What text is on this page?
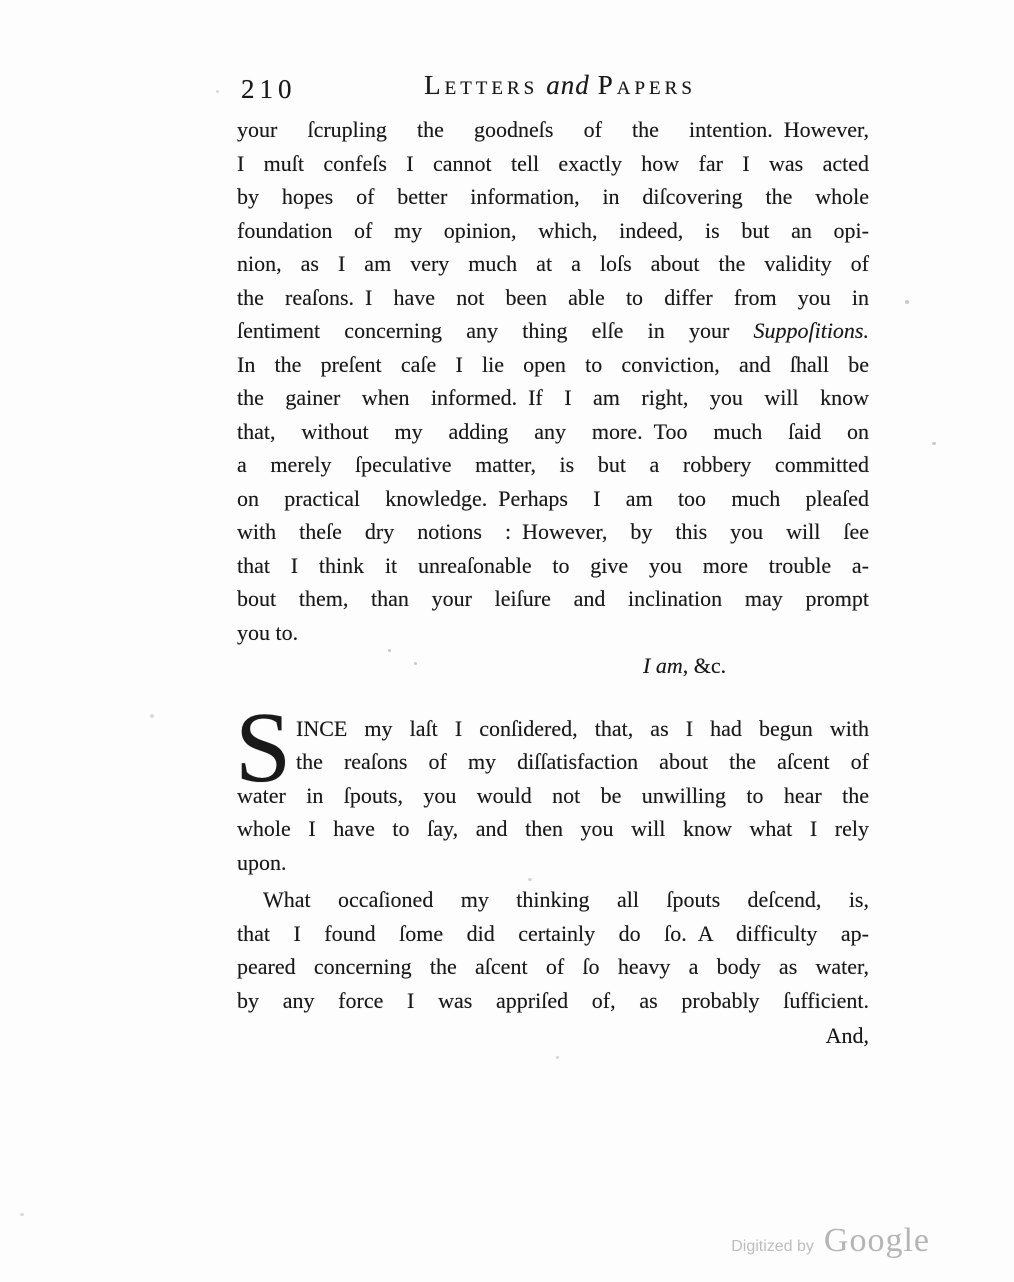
210	Letters and Papers
your ſcrupling the goodneſs of the intention. However,
I muſt confeſs I cannot tell exactly how far I was acted
by hopes of better information, in diſcovering the whole
foundation of my opinion, which, indeed, is but an opi-
nion, as I am very much at a loſs about the validity of
the reaſons. I have not been able to differ from you in
ſentiment concerning any thing elſe in your Suppoſitions.
In the preſent caſe I lie open to conviction, and ſhall be
the gainer when informed. If I am right, you will know
that, without my adding any more. Too much ſaid on
a merely ſpeculative matter, is but a robbery committed
on practical knowledge. Perhaps I am too much pleaſed
with theſe dry notions : However, by this you will ſee
that I think it unreaſonable to give you more trouble a-
bout them, than your leiſure and inclination may prompt
you to.
I am, &c.
S INCE my laſt I conſidered, that, as I had begun with
the reaſons of my diſſatisfaction about the aſcent of
water in ſpouts, you would not be unwilling to hear the
whole I have to ſay, and then you will know what I rely
upon.
What occaſioned my thinking all ſpouts deſcend, is,
that I found ſome did certainly do ſo. A difficulty ap-
peared concerning the aſcent of ſo heavy a body as water,
by any force I was appriſed of, as probably ſufficient.
And,
Digitized by Google
